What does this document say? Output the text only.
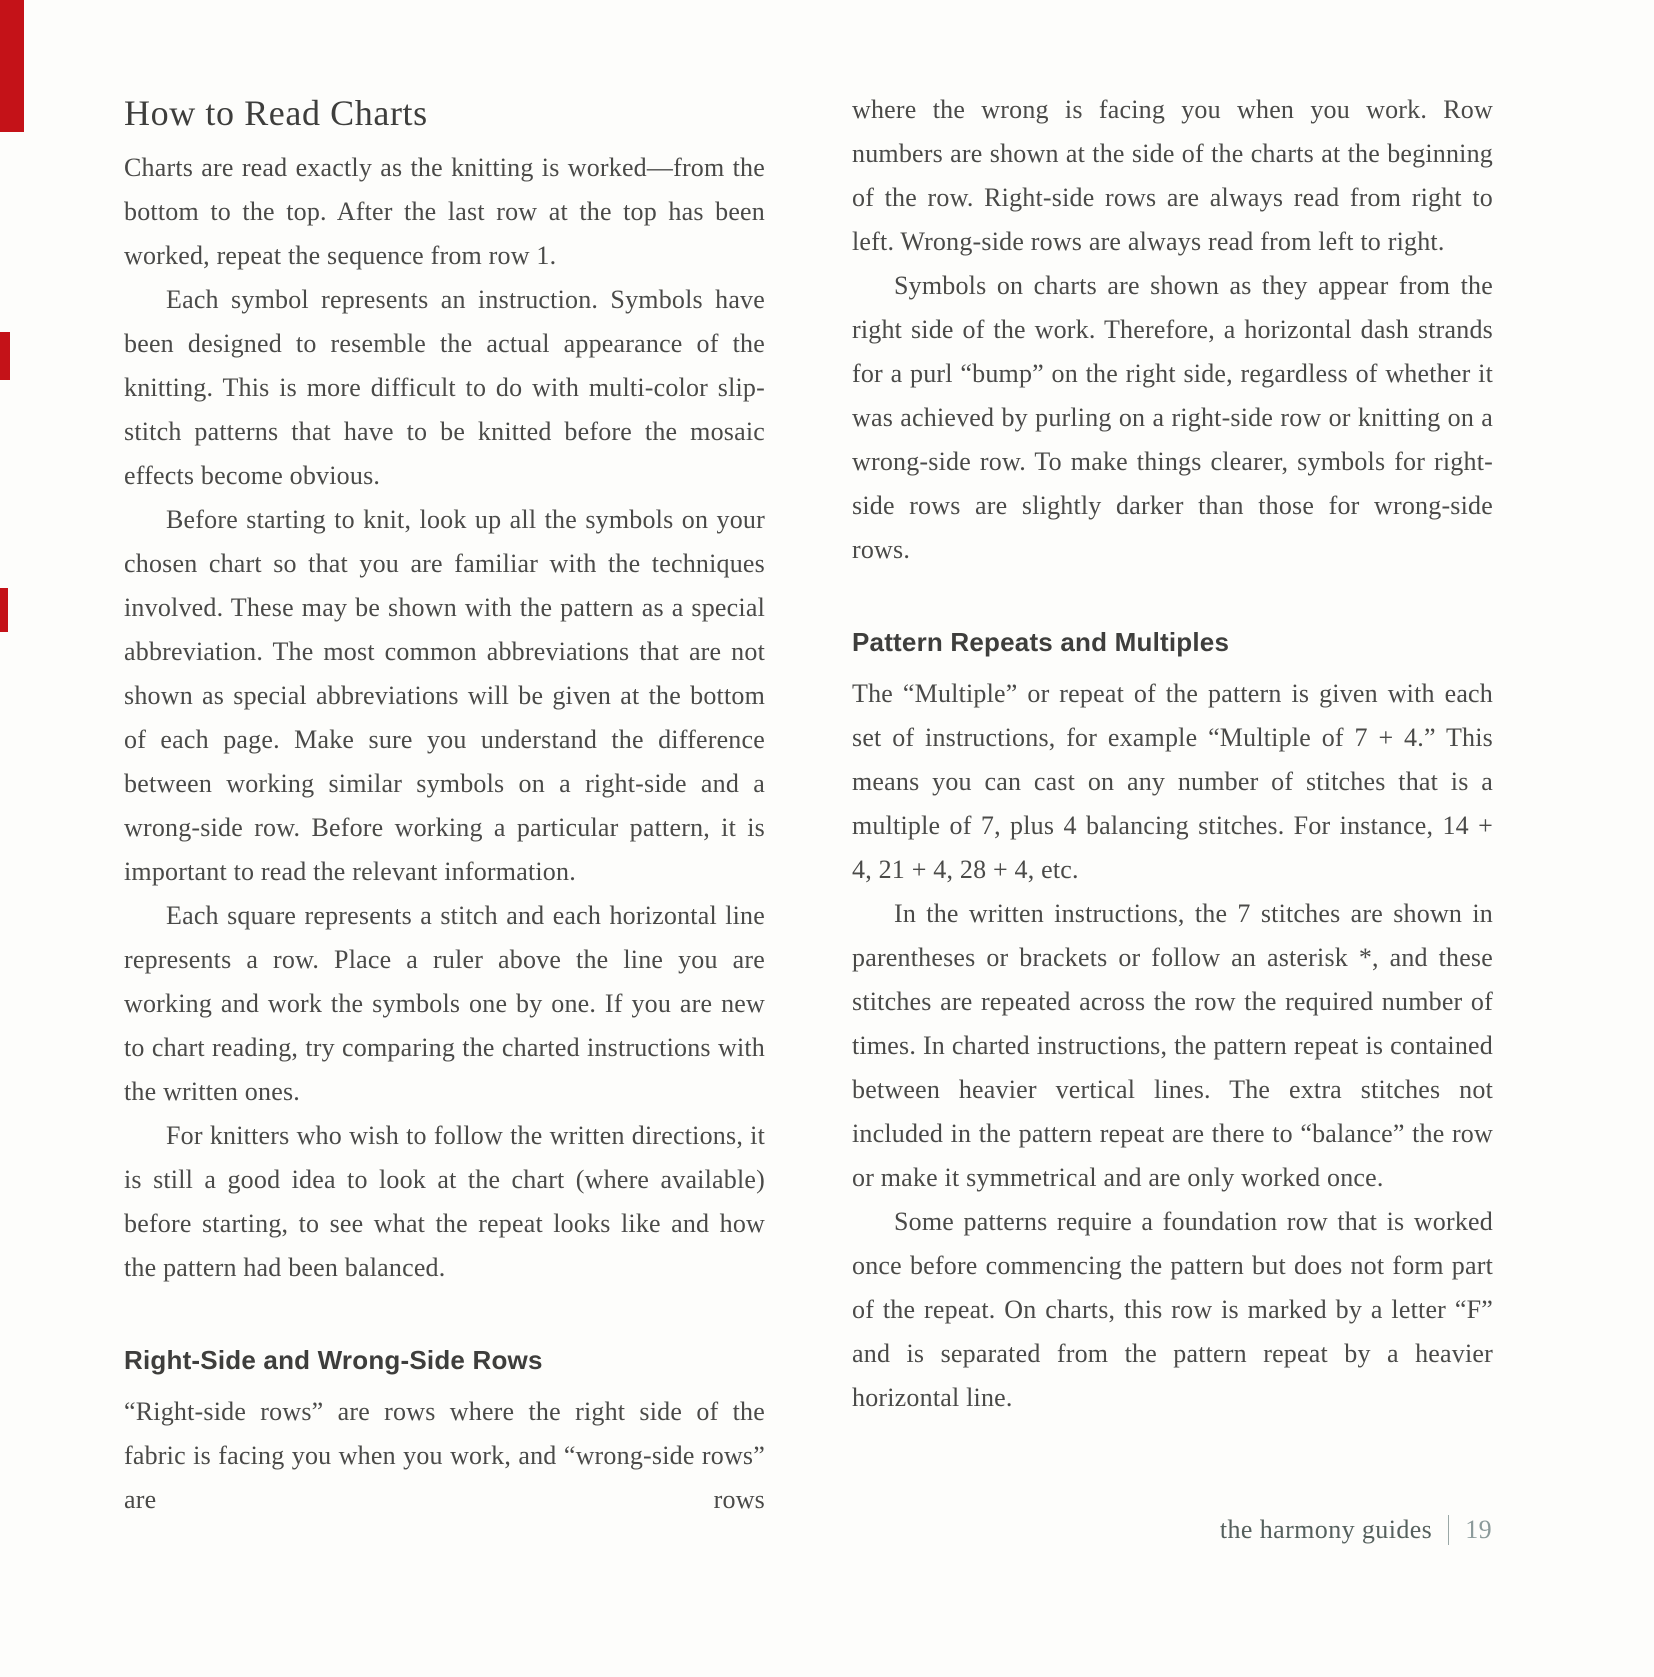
How to Read Charts

Charts are read exactly as the knitting is worked—from the bottom to the top. After the last row at the top has been worked, repeat the sequence from row 1.

Each symbol represents an instruction. Symbols have been designed to resemble the actual appearance of the knitting. This is more difficult to do with multi-color slip-stitch patterns that have to be knitted before the mosaic effects become obvious.

Before starting to knit, look up all the symbols on your chosen chart so that you are familiar with the techniques involved. These may be shown with the pattern as a special abbreviation. The most common abbreviations that are not shown as special abbreviations will be given at the bottom of each page. Make sure you understand the difference between working similar symbols on a right-side and a wrong-side row. Before working a particular pattern, it is important to read the relevant information.

Each square represents a stitch and each horizontal line represents a row. Place a ruler above the line you are working and work the symbols one by one. If you are new to chart reading, try comparing the charted instructions with the written ones.

For knitters who wish to follow the written directions, it is still a good idea to look at the chart (where available) before starting, to see what the repeat looks like and how the pattern had been balanced.

Right-Side and Wrong-Side Rows

“Right-side rows” are rows where the right side of the fabric is facing you when you work, and “wrong-side rows” are rows

where the wrong is facing you when you work. Row numbers are shown at the side of the charts at the beginning of the row. Right-side rows are always read from right to left. Wrong-side rows are always read from left to right.

Symbols on charts are shown as they appear from the right side of the work. Therefore, a horizontal dash strands for a purl “bump” on the right side, regardless of whether it was achieved by purling on a right-side row or knitting on a wrong-side row. To make things clearer, symbols for right-side rows are slightly darker than those for wrong-side rows.

Pattern Repeats and Multiples

The “Multiple” or repeat of the pattern is given with each set of instructions, for example “Multiple of 7 + 4.” This means you can cast on any number of stitches that is a multiple of 7, plus 4 balancing stitches. For instance, 14 + 4, 21 + 4, 28 + 4, etc.

In the written instructions, the 7 stitches are shown in parentheses or brackets or follow an asterisk *, and these stitches are repeated across the row the required number of times. In charted instructions, the pattern repeat is contained between heavier vertical lines. The extra stitches not included in the pattern repeat are there to “balance” the row or make it symmetrical and are only worked once.

Some patterns require a foundation row that is worked once before commencing the pattern but does not form part of the repeat. On charts, this row is marked by a letter “F” and is separated from the pattern repeat by a heavier horizontal line.

the harmony guides 19
